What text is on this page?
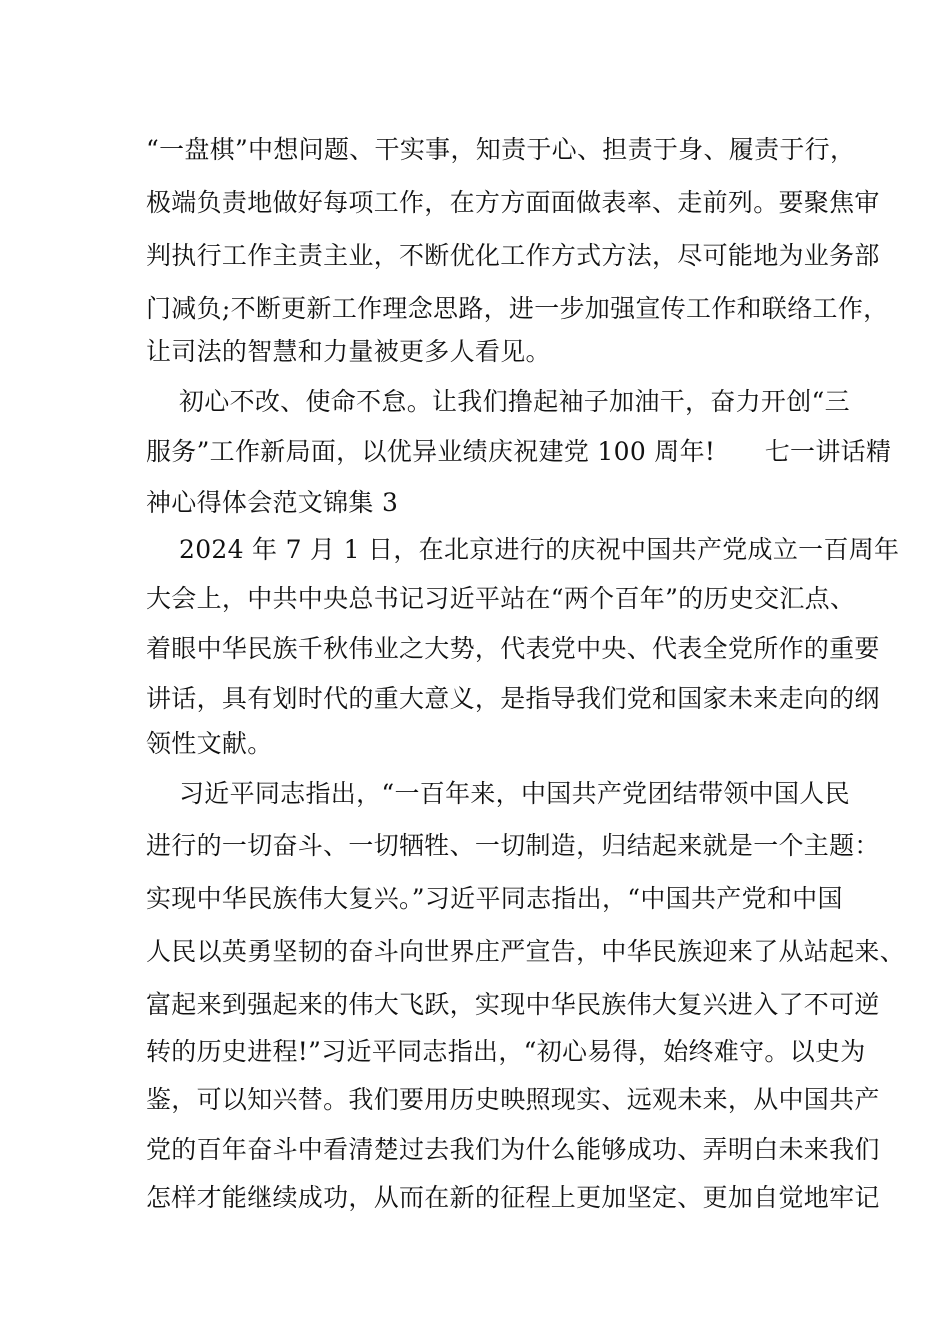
“一盘棋”中想问题、干实事，知责于心、担责于身、履责于行，
极端负责地做好每项工作，在方方面面做表率、走前列。要聚焦审
判执行工作主责主业，不断优化工作方式方法，尽可能地为业务部
门减负;不断更新工作理念思路，进一步加强宣传工作和联络工作，
让司法的智慧和力量被更多人看见。
初心不改、使命不怠。让我们撸起袖子加油干，奋力开创“三
服务”工作新局面，以优异业绩庆祝建党 100 周年!      七一讲话精
神心得体会范文锦集 3
2024 年 7 月 1 日，在北京进行的庆祝中国共产党成立一百周年
大会上，中共中央总书记习近平站在“两个百年”的历史交汇点、
着眼中华民族千秋伟业之大势，代表党中央、代表全党所作的重要
讲话，具有划时代的重大意义，是指导我们党和国家未来走向的纲
领性文献。
习近平同志指出，“一百年来，中国共产党团结带领中国人民
进行的一切奋斗、一切牺牲、一切制造，归结起来就是一个主题：
实现中华民族伟大复兴。”习近平同志指出，“中国共产党和中国
人民以英勇坚韧的奋斗向世界庄严宣告，中华民族迎来了从站起来、
富起来到强起来的伟大飞跃，实现中华民族伟大复兴进入了不可逆
转的历史进程!”习近平同志指出，“初心易得，始终难守。以史为
鉴，可以知兴替。我们要用历史映照现实、远观未来，从中国共产
党的百年奋斗中看清楚过去我们为什么能够成功、弄明白未来我们
怎样才能继续成功，从而在新的征程上更加坚定、更加自觉地牢记
